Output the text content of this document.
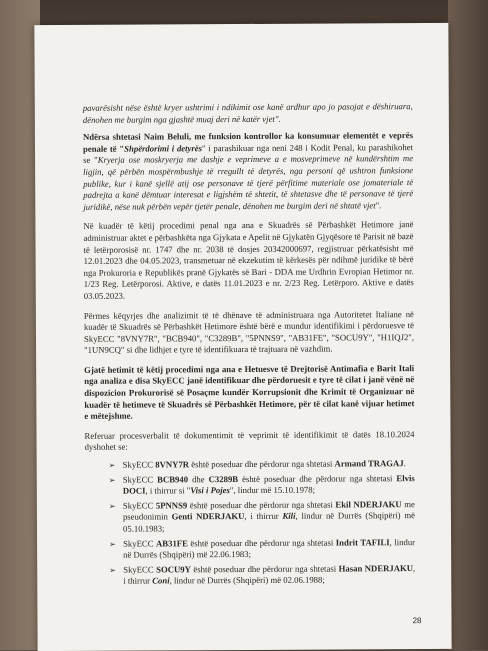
pavarësisht nëse është kryer ushtrimi i ndikimit ose kanë ardhur apo jo pasojat e dëshiruara, dënohen me burgim nga gjashtë muaj deri në katër vjet".

Ndërsa shtetasi Naim Beluli, me funksion kontrollor ka konsumuar elementët e veprës penale të "Shpërdorimi i detyrës" i parashikuar nga neni 248 i Kodit Penal, ku parashikohet se "Kryerja ose moskryerja me dashje e veprimeve a e mosveprimeve në kundërshtim me ligjin, që përbën mospërmbushje të rregullt të detyrës, nga personi që ushtron funksione publike, kur i kanë sjellë atij ose personave të tjerë përfitime materiale ose jomateriale të padrejta a kanë dëmtuar interesat e ligjshëm të shtetit, të shtetasve dhe të personave të tjerë juridikë, nëse nuk përbën vepër tjetër penale, dënohen me burgim deri në shtatë vjet".

Në kuadër të këtij procedimi penal nga ana e Skuadrës së Përbashkët Hetimore janë administruar aktet e përbashkëta nga Gjykata e Apelit në Gjykatën Gjyqësore të Parisit në bazë të letërporosisë nr. 1747 dhe nr. 2038 të dosjes 20342000697, regjistruar përkatësisht më 12.01.2023 dhe 04.05.2023, transmetuar në ekzekutim të kërkesës për ndihmë juridike të bërë nga Prokuroria e Republikës pranë Gjykatës së Bari - DDA me Urdhrin Evropian Hetimor nr. 1/23 Reg. Letërporosi. Aktive, e datës 11.01.2023 e nr. 2/23 Reg. Letërporo. Aktive e datës 03.05.2023.

Përmes këqyrjes dhe analizimit të të dhënave të administruara nga Autoritetet Italiane në kuadër të Skuadrës së Përbashkët Hetimore është bërë e mundur identifikimi i përdoruesve të SkyECC "8VNY7R", "BCB940", "C3289B", "5PNNS9", "AB31FE", "SOCU9Y", "H1IQJ2", "1UN9CQ" si dhe lidhjet e tyre të identifikuara të trajtuara në vazhdim.

Gjatë hetimit të këtij procedimi nga ana e Hetuesve të Drejtorisë Antimafia e Barit Itali nga analiza e disa SkyECC janë identifikuar dhe përdoruesit e tyre të cilat i janë vënë në dispozicion Prokurorisë së Posaçme kundër Korrupsionit dhe Krimit të Organizuar në kuadër të hetimeve të Skuadrës së Përbashkët Hetimore, për të cilat kanë vijuar hetimet e mëtejshme.

Referuar procesverbalit të dokumentimit të veprimit të identifikimit të datës 18.10.2024 dyshohet se:

➢ SkyECC 8VNY7R është poseduar dhe përdorur nga shtetasi Armand TRAGAJ.
➢ SkyECC BCB940 dhe C3289B është poseduar dhe përdorur nga shtetasi Elvis DOCI, i thirrur si "Visi i Pojes", lindur më 15.10.1978;
➢ SkyECC 5PNNS9 është poseduar dhe përdorur nga shtetasi Ekil NDERJAKU me pseudonimin Genti NDERJAKU, i thirrur Kili, lindur në Durrës (Shqipëri) më 05.10.1983;
➢ SkyECC AB31FE është poseduar dhe përdorur nga shtetasi Indrit TAFILI, lindur në Durrës (Shqipëri) më 22.06.1983;
➢ SkyECC SOCU9Y është poseduar dhe përdorur nga shtetasi Hasan NDERJAKU, i thirrur Coni, lindur në Durrës (Shqipëri) më 02.06.1988;
28
